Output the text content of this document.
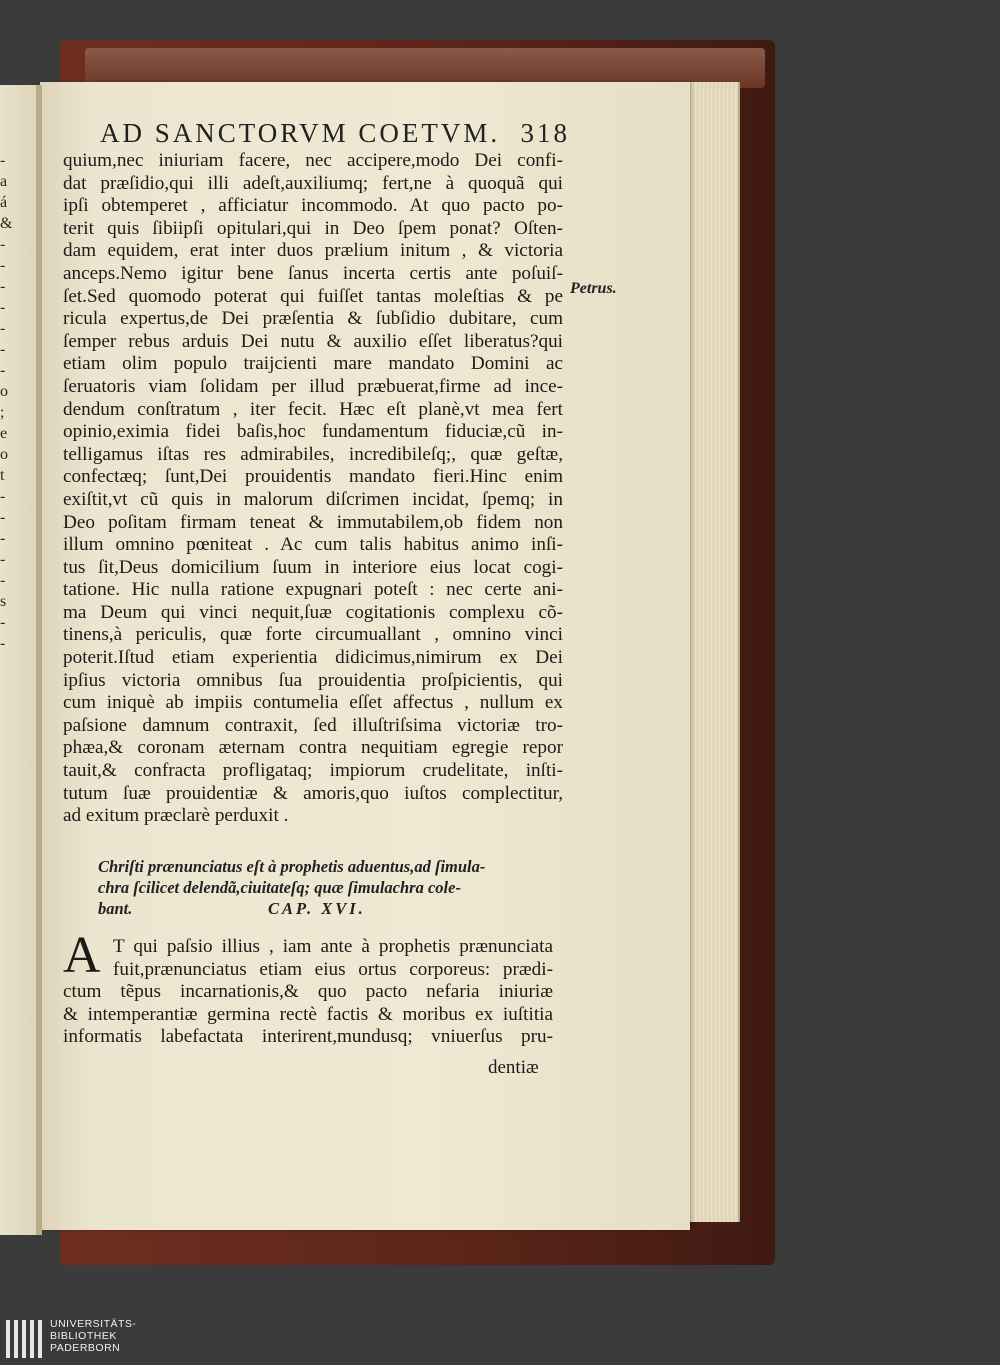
-
a
á
&
-
-
-
-
-
-
-
o
;
e
o
t
-
-
-
-
-
s
-
-
AD SANCTORVM COETVM. 318
quium,nec iniuriam facere, nec accipere,modo Dei confi-
dat præſidio,qui illi adeſt,auxiliumq; fert,ne à quoquã qui
ipſi obtemperet , afficiatur incommodo. At quo pacto po-
terit quis ſibiipſi opitulari,qui in Deo ſpem ponat? Oſten-
dam equidem, erat inter duos prælium initum , & victoria
anceps.Nemo igitur bene ſanus incerta certis ante poſuiſ-
ſet.Sed quomodo poterat qui fuiſſet tantas moleſtias & pe
ricula expertus,de Dei præſentia & ſubſidio dubitare, cum
ſemper rebus arduis Dei nutu & auxilio eſſet liberatus?qui
etiam olim populo traijcienti mare mandato Domini ac
ſeruatoris viam ſolidam per illud præbuerat,firme ad ince-
dendum conſtratum , iter fecit. Hæc eſt planè,vt mea fert
opinio,eximia fidei baſis,hoc fundamentum fiduciæ,cũ in-
telligamus iſtas res admirabiles, incredibileſq;, quæ geſtæ,
confectæq; ſunt,Dei prouidentis mandato fieri.Hinc enim
exiſtit,vt cũ quis in malorum diſcrimen incidat, ſpemq; in
Deo poſitam firmam teneat & immutabilem,ob fidem non
illum omnino pœniteat . Ac cum talis habitus animo inſi-
tus ſit,Deus domicilium ſuum in interiore eius locat cogi-
tatione. Hic nulla ratione expugnari poteſt : nec certe ani-
ma Deum qui vinci nequit,ſuæ cogitationis complexu cõ-
tinens,à periculis, quæ forte circumuallant , omnino vinci
poterit.Iſtud etiam experientia didicimus,nimirum ex Dei
ipſius victoria omnibus ſua prouidentia proſpicientis, qui
cum iniquè ab impiis contumelia eſſet affectus , nullum ex
paſsione damnum contraxit, ſed illuſtriſsima victoriæ tro-
phæa,& coronam æternam contra nequitiam egregie repor
tauit,& confracta profligataq; impiorum crudelitate, inſti-
tutum ſuæ prouidentiæ & amoris,quo iuſtos complectitur,
ad exitum præclarè perduxit .
Petrus.
Chriſti prænunciatus eſt à prophetis aduentus,ad ſimula-
chra ſcilicet delendã,ciuitateſq; quæ ſimulachra cole-
bant.	CAP. XVI.
A T qui paſsio illius , iam ante à prophetis prænunciata
fuit,prænunciatus etiam eius ortus corporeus: prædi-
ctum tẽpus incarnationis,& quo pacto nefaria iniuriæ
& intemperantiæ germina rectè factis & moribus ex iuſtitia
informatis labefactata interirent,mundusq; vniuerſus pru-
dentiæ
UNIVERSITÄTS-
BIBLIOTHEK
PADERBORN
